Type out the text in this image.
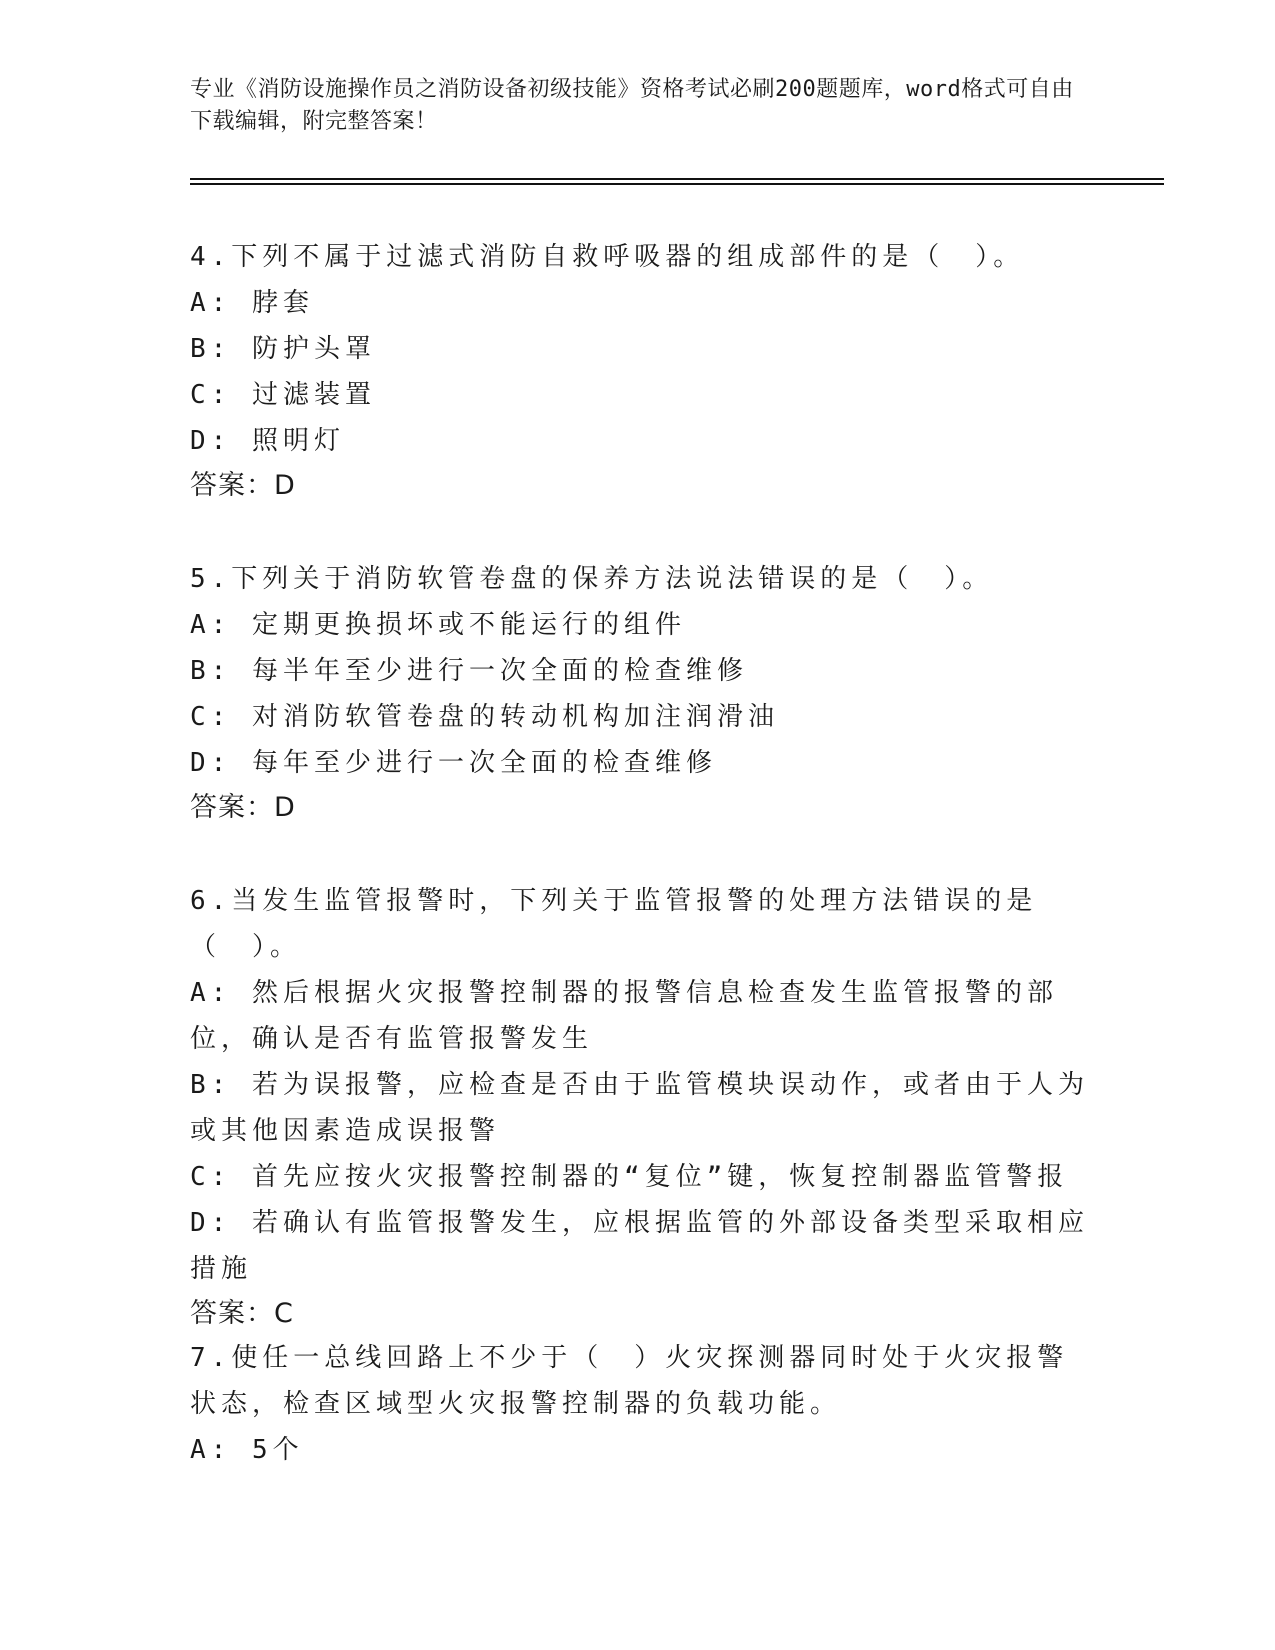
专业《消防设施操作员之消防设备初级技能》资格考试必刷200题题库，word格式可自由下载编辑，附完整答案！

4.下列不属于过滤式消防自救呼吸器的组成部件的是（　）。

A: 脖套

B: 防护头罩

C: 过滤装置

D: 照明灯

答案：D

5.下列关于消防软管卷盘的保养方法说法错误的是（　）。

A: 定期更换损坏或不能运行的组件

B: 每半年至少进行一次全面的检查维修

C: 对消防软管卷盘的转动机构加注润滑油

D: 每年至少进行一次全面的检查维修

答案：D

6.当发生监管报警时，下列关于监管报警的处理方法错误的是（　）。

A: 然后根据火灾报警控制器的报警信息检查发生监管报警的部位，确认是否有监管报警发生

B: 若为误报警，应检查是否由于监管模块误动作，或者由于人为或其他因素造成误报警

C: 首先应按火灾报警控制器的“复位”键，恢复控制器监管警报

D: 若确认有监管报警发生，应根据监管的外部设备类型采取相应措施

答案：C

7.使任一总线回路上不少于（　）火灾探测器同时处于火灾报警状态，检查区域型火灾报警控制器的负载功能。

A: 5个
